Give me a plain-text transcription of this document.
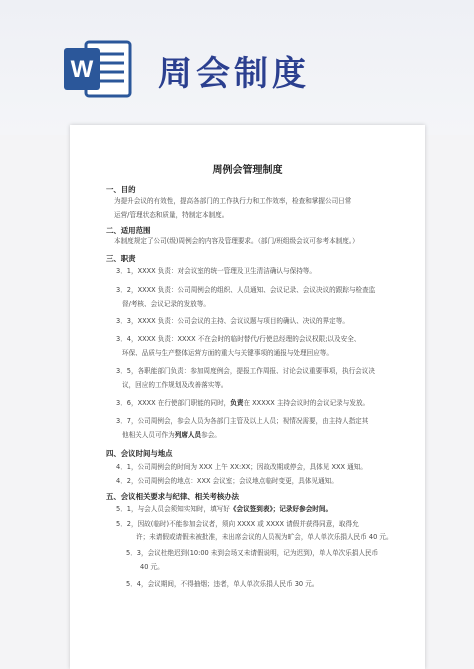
W 周会制度
周例会管理制度
一、目的
为提升会议的有效性，提高各部门的工作执行力和工作效率，检查和掌握公司日常
运营/管理状态和质量，特制定本制度。
二、适用范围
本制度规定了公司(级)周例会的内容及管理要求。（部门/班组级会议可参考本制度。）
三、职责
3．1，XXXX 负责：对会议室的统一管理及卫生清洁确认与保持等。
3．2，XXXX 负责：公司周例会的组织、人员通知、会议记录、会议决议的跟踪与检查监
督/考核、会议记录的发放等。
3．3，XXXX 负责：公司会议的主持、会议议题与项目的确认、决议的界定等。
3．4，XXXX 负责：XXXX 不在会时的临时替代/行使总经理的会议权限;以及安全、
环保、品质与生产整体运营方面的重大与关键事项的通报与处理回应等。
3．5，各职能部门负责：参加周度例会，提报工作周报、讨论会议重要事项，执行会议决
议，回应的工作规划及改善落实等。
3．6，XXXX 在行使部门职能的同时，负责在 XXXXX 主持会议时的会议记录与发放。
3．7，公司周例会，参会人员为各部门主管及以上人员；视情况需要，由主持人指定其
他相关人员可作为列席人员参会。
四、会议时间与地点
4．1，公司周例会的时间为 XXX 上午 XX:XX；因故改期或停会，具体见 XXX 通知。
4．2，公司周例会的地点：XXX 会议室；会议地点临时变更，具体见通知。
五、会议相关要求与纪律、相关考核办法
5．1，与会人员会须知实知时，填写好《会议签到表》；记录好参会时间。
5．2，因故(临时)不能参加会议者，须向 XXXX 或 XXXX 请假并获得同意，取得允
许；未请假或请假未被批准，未出席会议的人员视为旷会，单人单次乐捐人民币 40 元。
5．3，会议杜绝迟到(10:00 未到会场又未请假说明，记为迟到)，单人单次乐捐人民币
40 元。
5．4，会议期间，不得抽烟；违者，单人单次乐捐人民币 30 元。
